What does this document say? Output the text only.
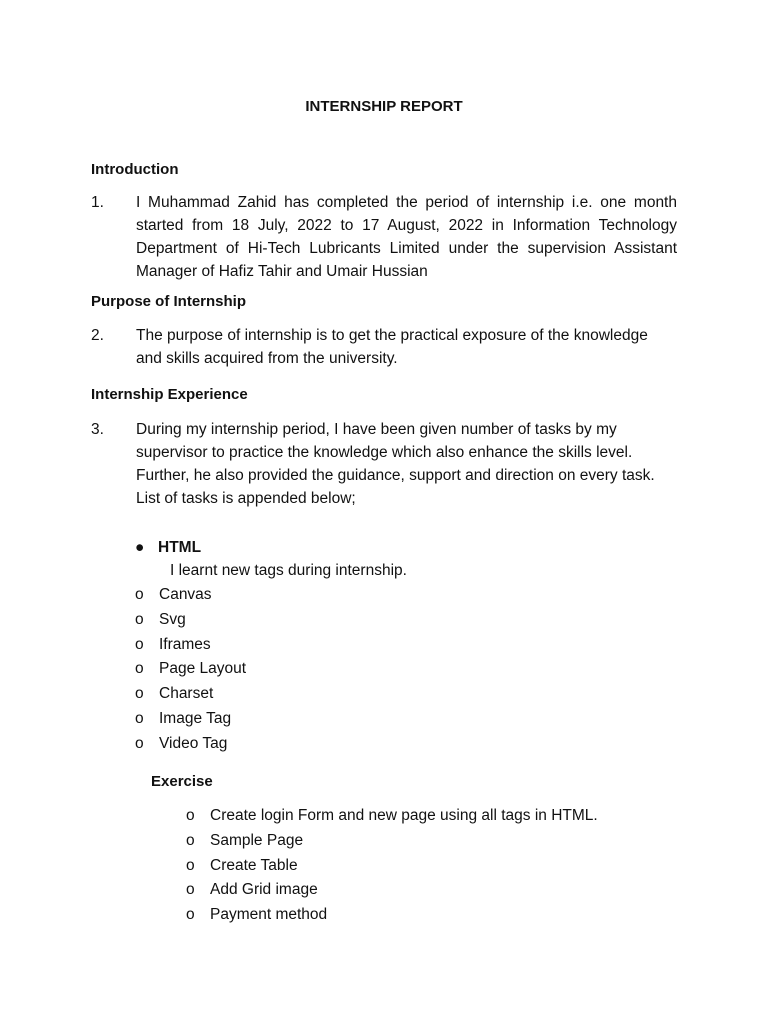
INTERNSHIP REPORT
Introduction
1. I Muhammad Zahid has completed the period of internship i.e. one month started from 18 July, 2022 to 17 August, 2022 in Information Technology Department of Hi-Tech Lubricants Limited under the supervision Assistant Manager of Hafiz Tahir and Umair Hussian
Purpose of Internship
2. The purpose of internship is to get the practical exposure of the knowledge and skills acquired from the university.
Internship Experience
3. During my internship period, I have been given number of tasks by my supervisor to practice the knowledge which also enhance the skills level. Further, he also provided the guidance, support and direction on every task. List of tasks is appended below;
● HTML
I learnt new tags during internship.
o Canvas
o Svg
o Iframes
o Page Layout
o Charset
o Image Tag
o Video Tag
Exercise
o Create login Form and new page using all tags in HTML.
o Sample Page
o Create Table
o Add Grid image
o Payment method
